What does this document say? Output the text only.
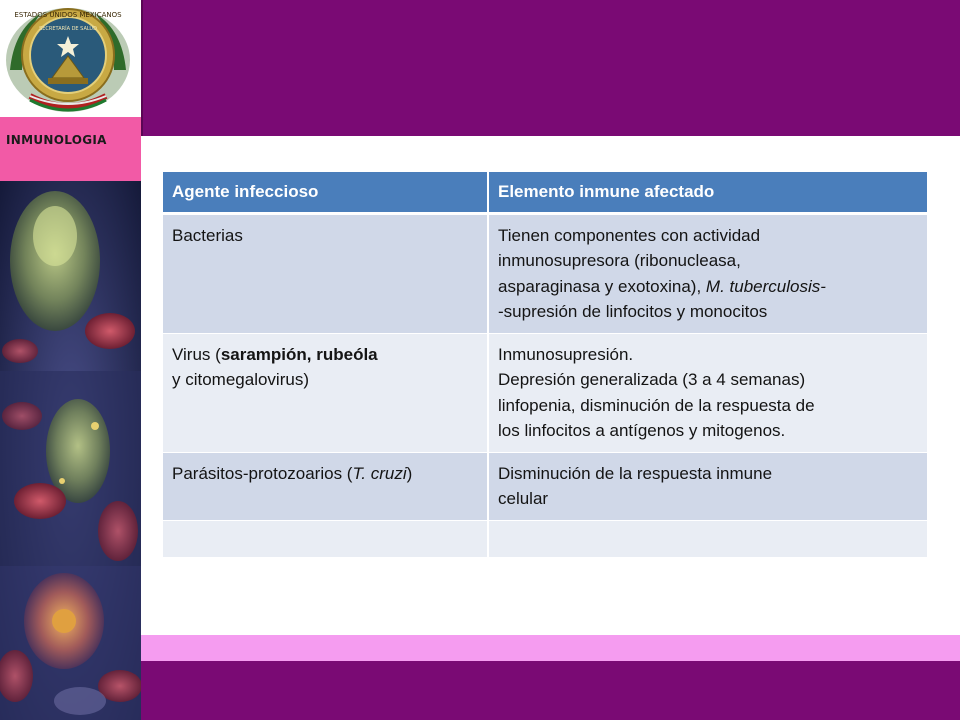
ESTADOS UNIDOS MEXICANOS
SECRETARÍA DE SALUD
INMUNOLOGIA
Agente infeccioso	Elemento inmune afectado
Bacterias	Tienen componentes con actividad
inmunosupresora (ribonucleasa,
asparaginasa y exotoxina), M. tuberculosis-
-supresión de linfocitos y monocitos
Virus (sarampión, rubeóla
y citomegalovirus)	Inmunosupresión.
Depresión generalizada (3 a 4 semanas)
linfopenia, disminución de la respuesta de
los linfocitos a antígenos y mitogenos.
Parásitos-protozoarios (T. cruzi)	Disminución de la respuesta inmune
celular
